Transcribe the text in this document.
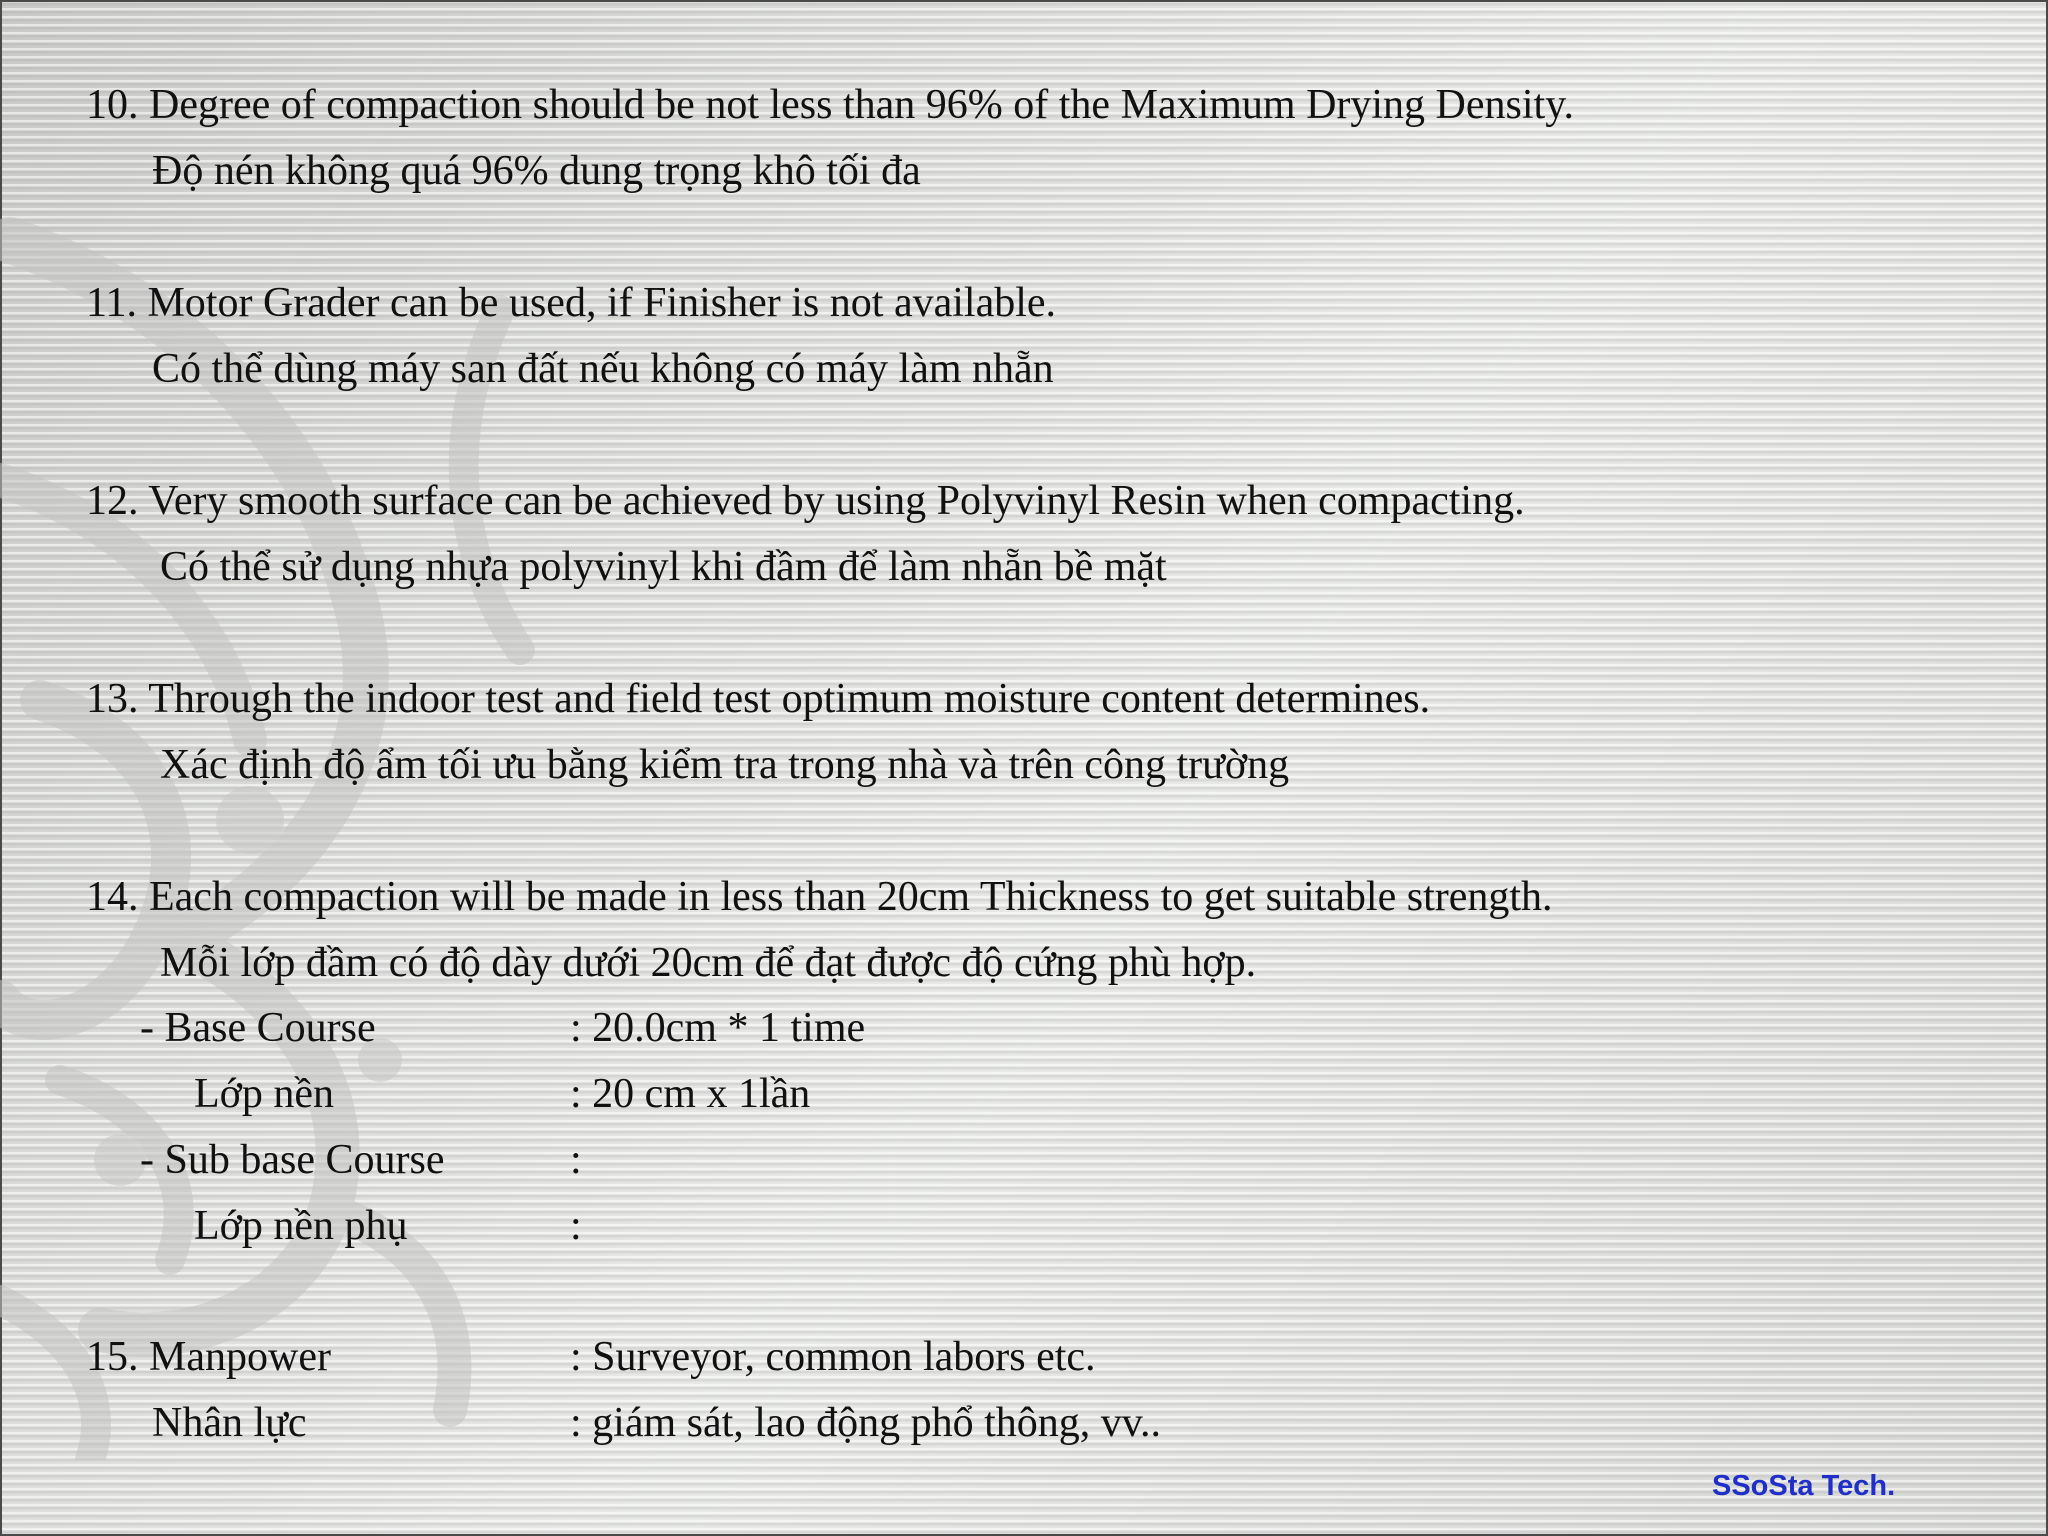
10. Degree of compaction should be not less than 96% of the Maximum Drying Density.

Độ nén không quá 96% dung trọng khô tối đa

11. Motor Grader can be used, if Finisher is not available.

Có thể dùng máy san đất nếu không có máy làm nhẵn

12. Very smooth surface can be achieved by using Polyvinyl Resin when compacting.

Có thể sử dụng nhựa polyvinyl khi đầm để làm nhẵn bề mặt

13. Through the indoor test and field test optimum moisture content determines.

Xác định độ ẩm tối ưu bằng kiểm tra trong nhà và trên công trường

14. Each compaction will be made in less than 20cm Thickness to get suitable strength.

Mỗi lớp đầm có độ dày dưới 20cm để đạt được độ cứng phù hợp.

- Base Course	: 20.0cm * 1 time
Lớp nền	: 20 cm x 1lần
- Sub base Course	:
Lớp nền phụ	:
15. Manpower	: Surveyor, common labors etc.
Nhân lực	: giám sát, lao động phổ thông, vv..
SSoSta Tech.
